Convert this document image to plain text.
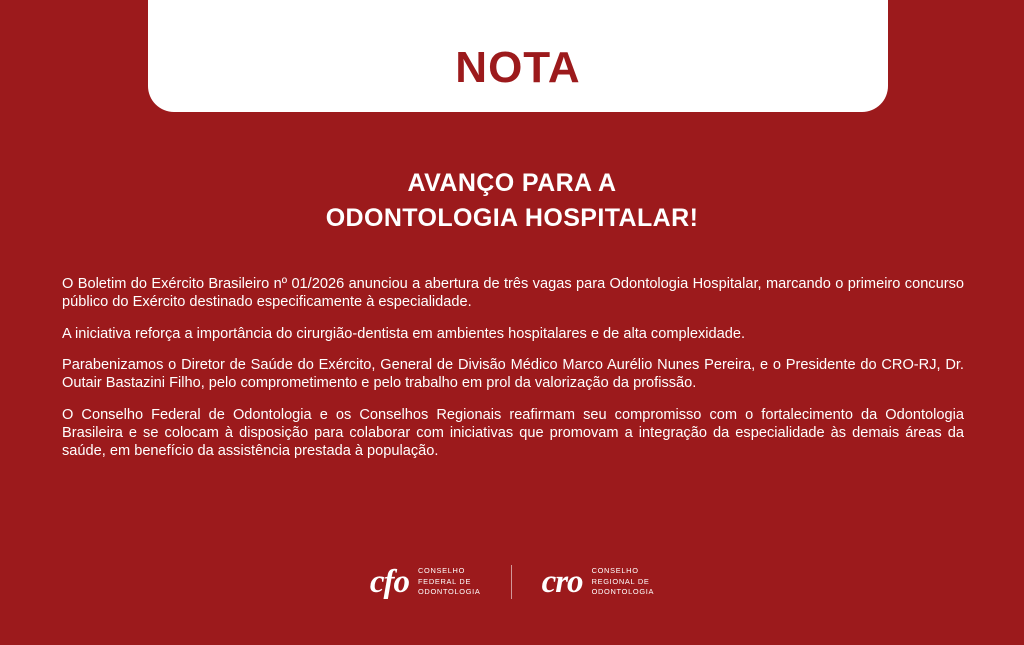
NOTA
AVANÇO PARA A
ODONTOLOGIA HOSPITALAR!

O Boletim do Exército Brasileiro nº 01/2026 anunciou a abertura de três vagas para Odontologia Hospitalar, marcando o primeiro concurso público do Exército destinado especificamente à especialidade.

A iniciativa reforça a importância do cirurgião-dentista em ambientes hospitalares e de alta complexidade.

Parabenizamos o Diretor de Saúde do Exército, General de Divisão Médico Marco Aurélio Nunes Pereira, e o Presidente do CRO-RJ, Dr. Outair Bastazini Filho, pelo comprometimento e pelo trabalho em prol da valorização da profissão.

O Conselho Federal de Odontologia e os Conselhos Regionais reafirmam seu compromisso com o fortalecimento da Odontologia Brasileira e se colocam à disposição para colaborar com iniciativas que promovam a integração da especialidade às demais áreas da saúde, em benefício da assistência prestada à população.

cfo CONSELHO
FEDERAL DE
ODONTOLOGIA cro CONSELHO
REGIONAL DE
ODONTOLOGIA
